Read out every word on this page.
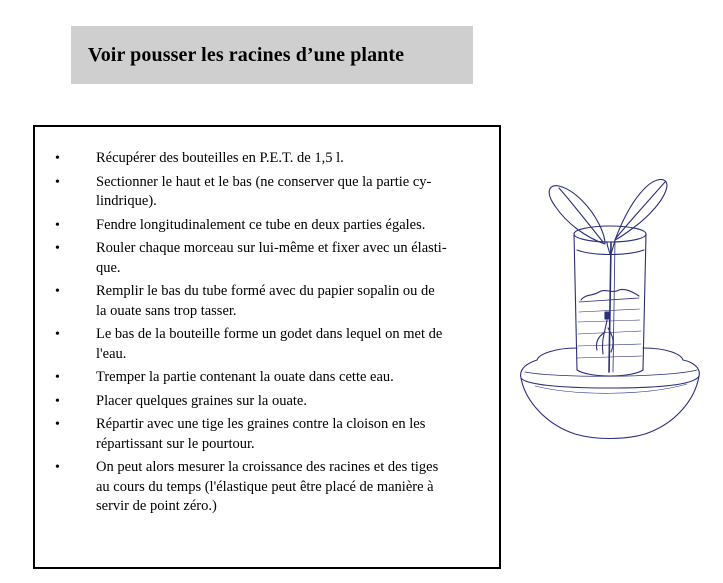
Voir pousser les racines d’une plante
• Récupérer des bouteilles en P.E.T. de 1,5 l.
• Sectionner le haut et le bas (ne conserver que la partie cy-
lindrique).
• Fendre longitudinalement ce tube en deux parties égales.
• Rouler chaque morceau sur lui-même et fixer avec un élasti-
que.
• Remplir le bas du tube formé avec du papier sopalin ou de
la ouate sans trop tasser.
• Le bas de la bouteille forme un godet dans lequel on met de
l'eau.
• Tremper la partie contenant la ouate dans cette eau.
• Placer quelques graines sur la ouate.
• Répartir avec une tige les graines contre la cloison en les
répartissant sur le pourtour.
• On peut alors mesurer la croissance des racines et des tiges
au cours du temps (l'élastique peut être placé de manière à
servir de point zéro.)
